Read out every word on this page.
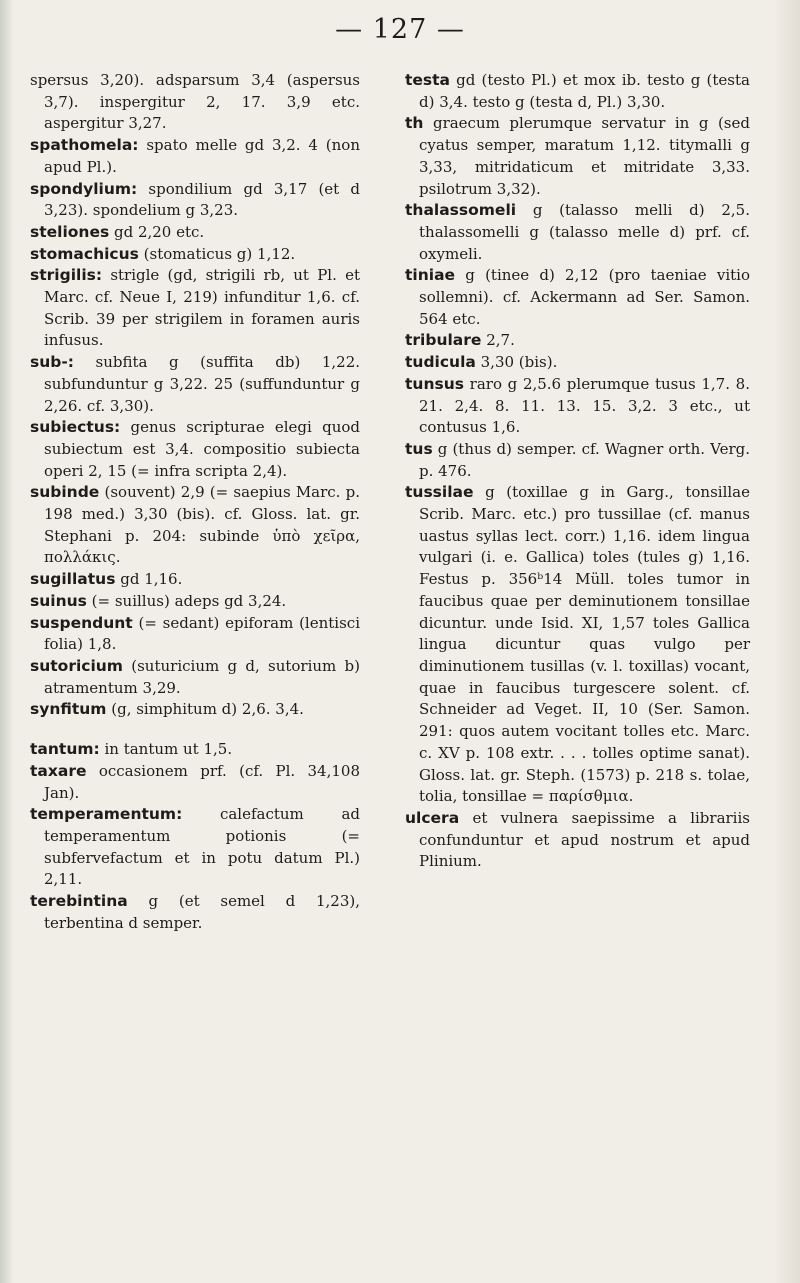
— 127 —

spersus 3,20). adsparsum 3,4 (aspersus 3,7). inspergitur 2, 17. 3,9 etc. aspergitur 3,27.

spathomela: spato melle gd 3,2. 4 (non apud Pl.).

spondylium: spondilium gd 3,17 (et d 3,23). spondelium g 3,23.

steliones gd 2,20 etc.

stomachicus (stomaticus g) 1,12.

strigilis: strigle (gd, strigili rb, ut Pl. et Marc. cf. Neue I, 219) infunditur 1,6. cf. Scrib. 39 per strigilem in foramen auris infusus.

sub-: subfita g (suffita db) 1,22. subfunduntur g 3,22. 25 (suffunduntur g 2,26. cf. 3,30).

subiectus: genus scripturae elegi quod subiectum est 3,4. compositio subiecta operi 2, 15 (= infra scripta 2,4).

subinde (souvent) 2,9 (= saepius Marc. p. 198 med.) 3,30 (bis). cf. Gloss. lat. gr. Stephani p. 204: subinde ὑπὸ χεῖρα, πολλάκις.

sugillatus gd 1,16.

suinus (= suillus) adeps gd 3,24.

suspendunt (= sedant) epiforam (lentisci folia) 1,8.

sutoricium (suturicium g d, sutorium b) atramentum 3,29.

synfitum (g, simphitum d) 2,6. 3,4.

tantum: in tantum ut 1,5.

taxare occasionem prf. (cf. Pl. 34,108 Jan).

temperamentum:	calefactum ad temperamentum potionis (= subfervefactum et in potu datum Pl.) 2,11.

terebintina g (et semel d 1,23), terbentina d semper.

testa gd (testo Pl.) et mox ib. testo g (testa d) 3,4. testo g (testa d, Pl.) 3,30.

th graecum plerumque servatur in g (sed cyatus semper, maratum 1,12. titymalli g 3,33, mitridaticum et mitridate 3,33. psilotrum 3,32).

thalassomeli g (talasso melli d) 2,5. thalassomelli g (talasso melle d) prf. cf. oxymeli.

tiniae g (tinee d) 2,12 (pro taeniae vitio sollemni). cf. Ackermann ad Ser. Samon. 564 etc.

tribulare 2,7.

tudicula 3,30 (bis).

tunsus raro g 2,5.6 plerumque tusus 1,7. 8. 21. 2,4. 8. 11. 13. 15. 3,2. 3 etc., ut contusus 1,6.

tus g (thus d) semper. cf. Wagner orth. Verg. p. 476.

tussilae g (toxillae g in Garg., tonsillae Scrib. Marc. etc.) pro tussillae (cf. manus uastus syllas lect. corr.) 1,16. idem lingua vulgari (i. e. Gallica) toles (tules g) 1,16. Festus p. 356ᵇ14 Müll. toles tumor in faucibus quae per deminutionem tonsillae dicuntur. unde Isid. XI, 1,57 toles Gallica lingua dicuntur quas vulgo per diminutionem tusillas (v. l. toxillas) vocant, quae in faucibus turgescere solent. cf. Schneider ad Veget. II, 10 (Ser. Samon. 291: quos autem vocitant tolles etc. Marc. c. XV p. 108 extr. . . . tolles optime sanat). Gloss. lat. gr. Steph. (1573) p. 218 s. tolae, tolia, tonsillae = παρίσθμια.

ulcera et vulnera saepissime a librariis confunduntur et apud nostrum et apud Plinium.
